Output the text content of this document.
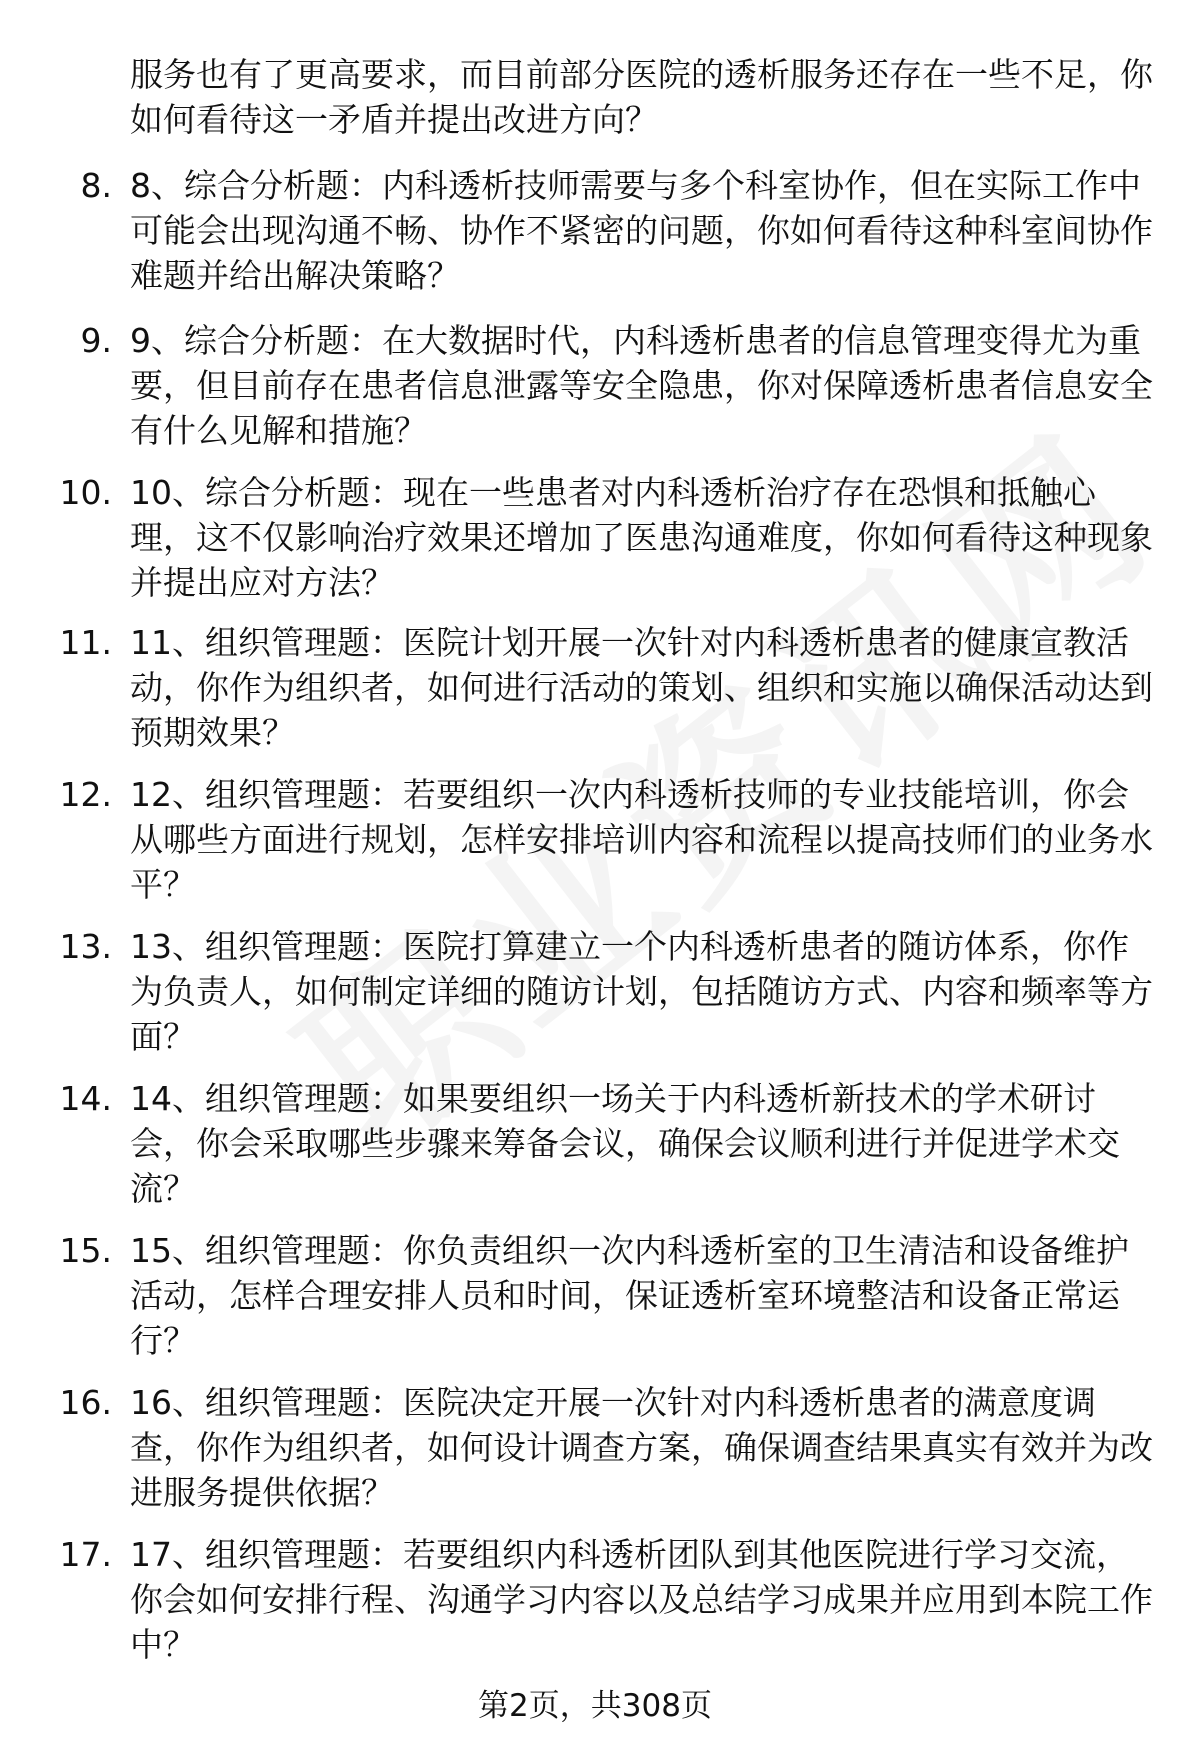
服务也有了更高要求，而目前部分医院的透析服务还存在一些不足，你如何看待这一矛盾并提出改进方向？
8. 8、综合分析题：内科透析技师需要与多个科室协作，但在实际工作中可能会出现沟通不畅、协作不紧密的问题，你如何看待这种科室间协作难题并给出解决策略？
9. 9、综合分析题：在大数据时代，内科透析患者的信息管理变得尤为重要，但目前存在患者信息泄露等安全隐患，你对保障透析患者信息安全有什么见解和措施？
10. 10、综合分析题：现在一些患者对内科透析治疗存在恐惧和抵触心理，这不仅影响治疗效果还增加了医患沟通难度，你如何看待这种现象并提出应对方法？
11. 11、组织管理题：医院计划开展一次针对内科透析患者的健康宣教活动，你作为组织者，如何进行活动的策划、组织和实施以确保活动达到预期效果？
12. 12、组织管理题：若要组织一次内科透析技师的专业技能培训，你会从哪些方面进行规划，怎样安排培训内容和流程以提高技师们的业务水平？
13. 13、组织管理题：医院打算建立一个内科透析患者的随访体系，你作为负责人，如何制定详细的随访计划，包括随访方式、内容和频率等方面？
14. 14、组织管理题：如果要组织一场关于内科透析新技术的学术研讨会，你会采取哪些步骤来筹备会议，确保会议顺利进行并促进学术交流？
15. 15、组织管理题：你负责组织一次内科透析室的卫生清洁和设备维护活动，怎样合理安排人员和时间，保证透析室环境整洁和设备正常运行？
16. 16、组织管理题：医院决定开展一次针对内科透析患者的满意度调查，你作为组织者，如何设计调查方案，确保调查结果真实有效并为改进服务提供依据？
17. 17、组织管理题：若要组织内科透析团队到其他医院进行学习交流，你会如何安排行程、沟通学习内容以及总结学习成果并应用到本院工作中？
第2页，共308页
